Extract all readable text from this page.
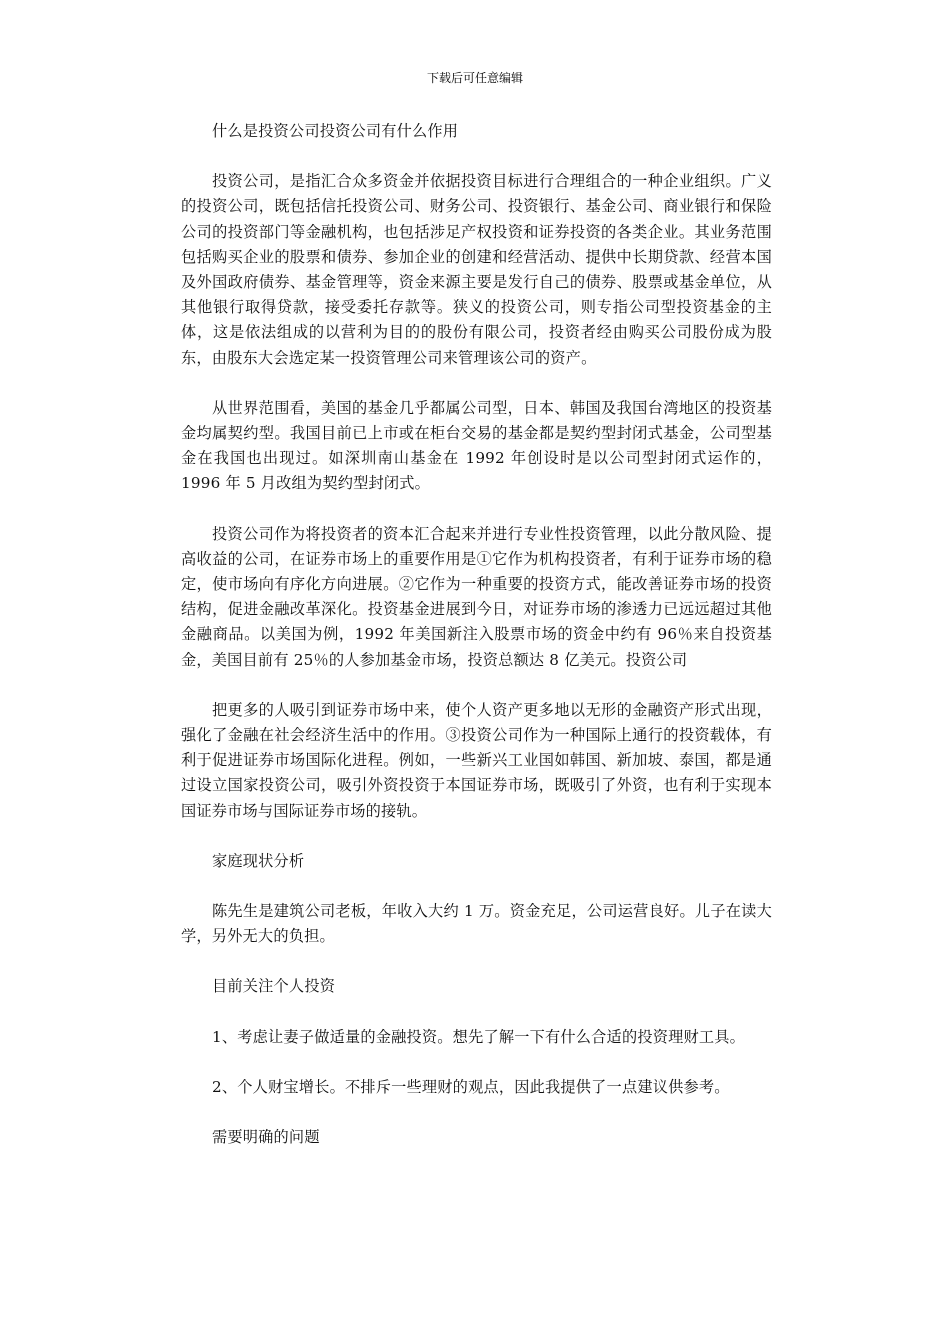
下载后可任意编辑

什么是投资公司投资公司有什么作用

投资公司，是指汇合众多资金并依据投资目标进行合理组合的一种企业组织。广义的投资公司，既包括信托投资公司、财务公司、投资银行、基金公司、商业银行和保险公司的投资部门等金融机构，也包括涉足产权投资和证券投资的各类企业。其业务范围包括购买企业的股票和债券、参加企业的创建和经营活动、提供中长期贷款、经营本国及外国政府债券、基金管理等，资金来源主要是发行自己的债券、股票或基金单位，从其他银行取得贷款，接受委托存款等。狭义的投资公司，则专指公司型投资基金的主体，这是依法组成的以营利为目的的股份有限公司，投资者经由购买公司股份成为股东，由股东大会选定某一投资管理公司来管理该公司的资产。

从世界范围看，美国的基金几乎都属公司型，日本、韩国及我国台湾地区的投资基金均属契约型。我国目前已上市或在柜台交易的基金都是契约型封闭式基金，公司型基金在我国也出现过。如深圳南山基金在 1992 年创设时是以公司型封闭式运作的，1996 年 5 月改组为契约型封闭式。

投资公司作为将投资者的资本汇合起来并进行专业性投资管理，以此分散风险、提高收益的公司，在证券市场上的重要作用是①它作为机构投资者，有利于证券市场的稳定，使市场向有序化方向进展。②它作为一种重要的投资方式，能改善证券市场的投资结构，促进金融改革深化。投资基金进展到今日，对证券市场的渗透力已远远超过其他金融商品。以美国为例，1992 年美国新注入股票市场的资金中约有 96％来自投资基金，美国目前有 25％的人参加基金市场，投资总额达 8 亿美元。投资公司

把更多的人吸引到证券市场中来，使个人资产更多地以无形的金融资产形式出现，强化了金融在社会经济生活中的作用。③投资公司作为一种国际上通行的投资载体，有利于促进证券市场国际化进程。例如，一些新兴工业国如韩国、新加坡、泰国，都是通过设立国家投资公司，吸引外资投资于本国证券市场，既吸引了外资，也有利于实现本国证券市场与国际证券市场的接轨。

家庭现状分析

陈先生是建筑公司老板，年收入大约 1 万。资金充足，公司运营良好。儿子在读大学，另外无大的负担。

目前关注个人投资

1、考虑让妻子做适量的金融投资。想先了解一下有什么合适的投资理财工具。

2、个人财宝增长。不排斥一些理财的观点，因此我提供了一点建议供参考。

需要明确的问题
